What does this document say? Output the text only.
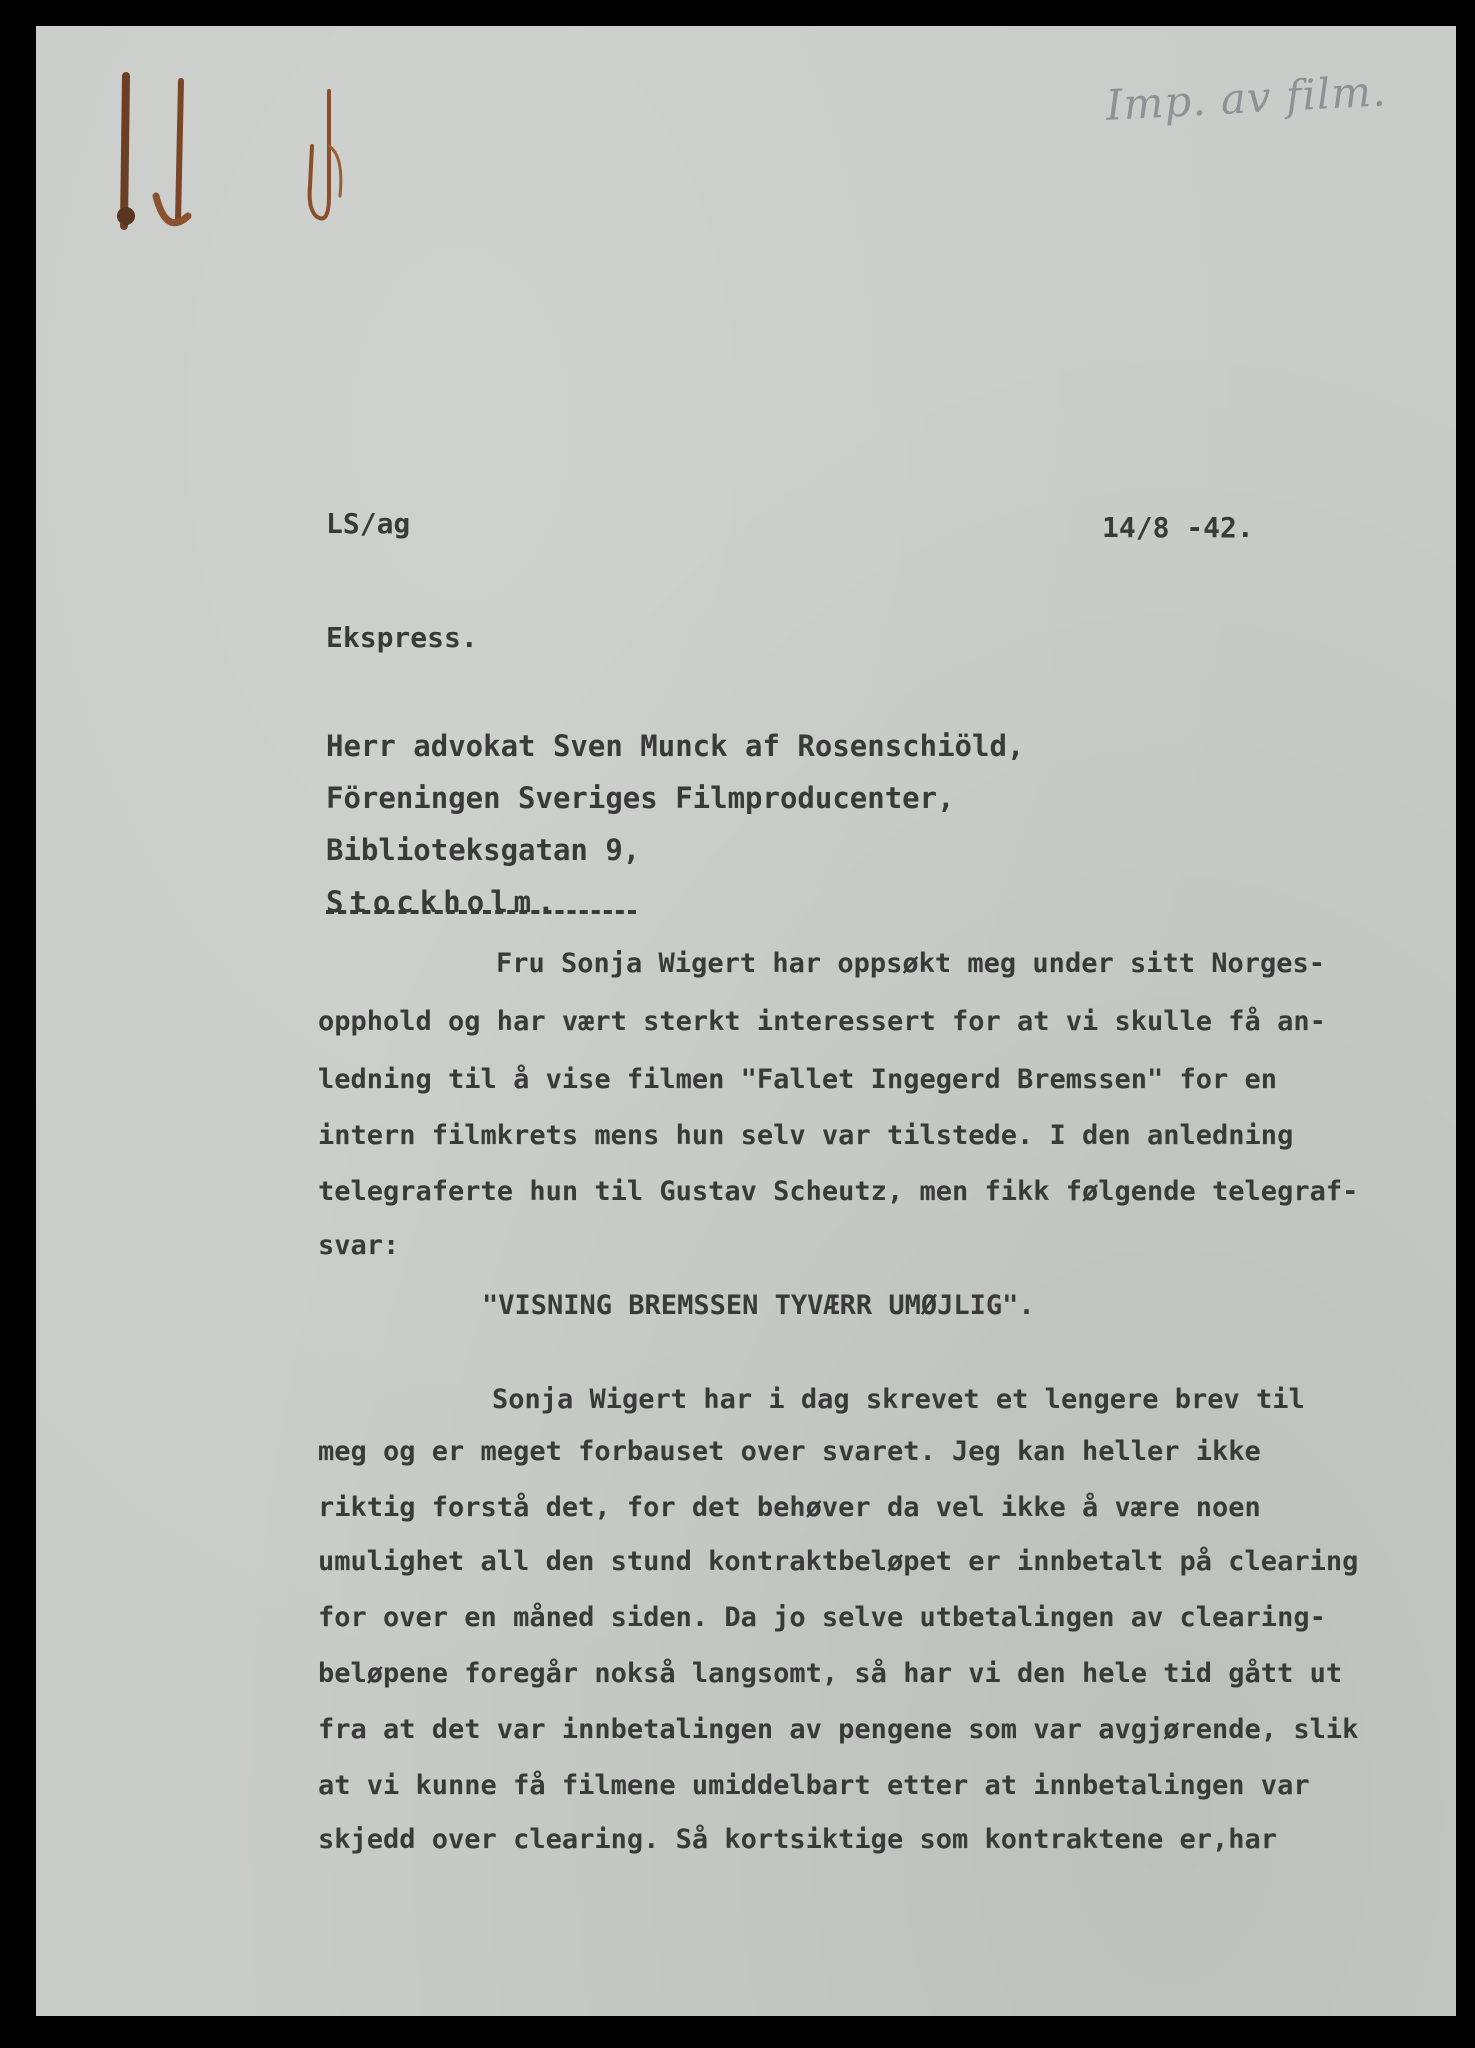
Imp. av film.
LS/ag	14/8 -42.
Ekspress.
Herr advokat Sven Munck af Rosenschiöld,
Föreningen Sveriges Filmproducenter,
Biblioteksgatan 9,
Stockholm.
Fru Sonja Wigert har oppsøkt meg under sitt Norges-
opphold og har vært sterkt interessert for at vi skulle få an-
ledning til å vise filmen "Fallet Ingegerd Bremssen" for en
intern filmkrets mens hun selv var tilstede. I den anledning
telegraferte hun til Gustav Scheutz, men fikk følgende telegraf-
svar:
"VISNING BREMSSEN TYVÆRR UMØJLIG".
Sonja Wigert har i dag skrevet et lengere brev til
meg og er meget forbauset over svaret. Jeg kan heller ikke
riktig forstå det, for det behøver da vel ikke å være noen
umulighet all den stund kontraktbeløpet er innbetalt på clearing
for over en måned siden. Da jo selve utbetalingen av clearing-
beløpene foregår nokså langsomt, så har vi den hele tid gått ut
fra at det var innbetalingen av pengene som var avgjørende, slik
at vi kunne få filmene umiddelbart etter at innbetalingen var
skjedd over clearing. Så kortsiktige som kontraktene er,har
